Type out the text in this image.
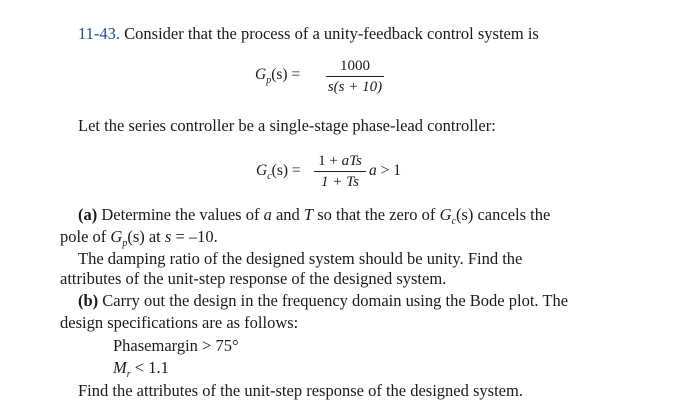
11-43. Consider that the process of a unity-feedback control system is
$G_p(s)$ =	1000
s(s + 10)
Let the series controller be a single-stage phase-lead controller:
$G_c(s)$ =
1 + aTs
1 + Ts
a > 1
(a) Determine the values of a and T so that the zero of $G_c(s)$ cancels the
pole of $G_p(s)$ at s = –10.
The damping ratio of the designed system should be unity. Find the
attributes of the unit-step response of the designed system.
(b) Carry out the design in the frequency domain using the Bode plot. The
design specifications are as follows:
Phasemargin > 75°
$M_r < 1.1$
Find the attributes of the unit-step response of the designed system.
